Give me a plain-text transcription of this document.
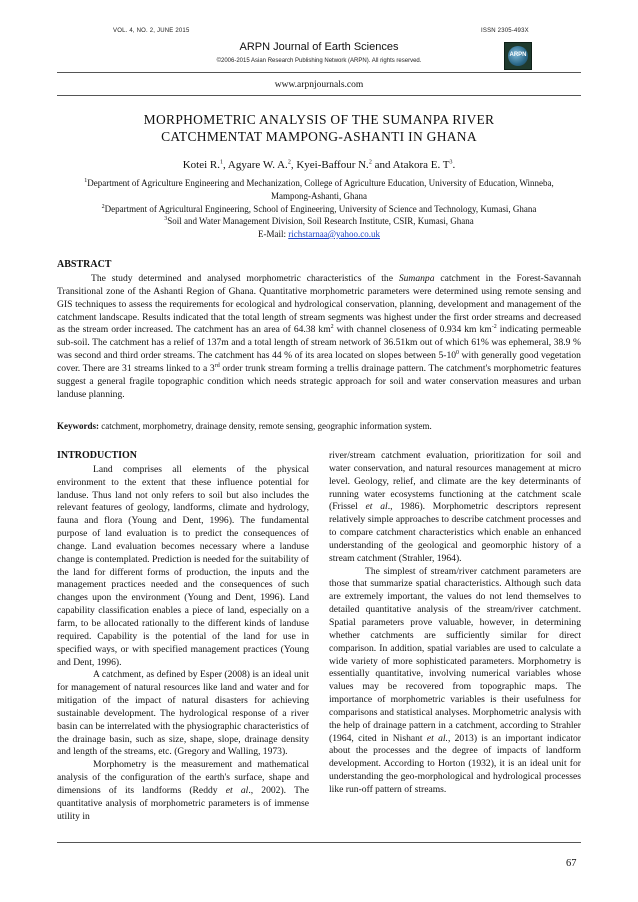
VOL. 4, NO. 2, JUNE 2015	ISSN 2305-493X
ARPN Journal of Earth Sciences
©2006-2015 Asian Research Publishing Network (ARPN). All rights reserved.
ARPN
www.arpnjournals.com
MORPHOMETRIC ANALYSIS OF THE SUMANPA RIVER
CATCHMENTAT MAMPONG-ASHANTI IN GHANA
Kotei R.$^1$, Agyare W. A.$^2$, Kyei-Baffour N.$^2$ and Atakora E. $T^3$.
$^1$Department of Agriculture Engineering and Mechanization, College of Agriculture Education, University of Education, Winneba,
Mampong-Ashanti, Ghana
$^2$Department of Agricultural Engineering, School of Engineering, University of Science and Technology, Kumasi, Ghana
$^3$Soil and Water Management Division, Soil Research Institute, CSIR, Kumasi, Ghana
E-Mail: richstarnaa@yahoo.co.uk
ABSTRACT

The study determined and analysed morphometric characteristics of the Sumanpa catchment in the Forest-Savannah Transitional zone of the Ashanti Region of Ghana. Quantitative morphometric parameters were determined using remote sensing and GIS techniques to assess the requirements for ecological and hydrological conservation, planning, development and management of the catchment landscape. Results indicated that the total length of stream segments was highest under the first order streams and decreased as the stream order increased. The catchment has an area of 64.38 $km^2$ with channel closeness of 0.934 km $km^{-2}$ indicating permeable sub-soil. The catchment has a relief of 137m and a total length of stream network of 36.51km out of which 61% was ephemeral, 38.9 % was second and third order streams. The catchment has 44 % of its area located on slopes between $5-10^0$ with generally good vegetation cover. There are 31 streams linked to a 3rd order trunk stream forming a trellis drainage pattern. The catchment's morphometric features suggest a general fragile topographic condition which needs strategic approach for soil and water conservation measures and urban landuse planning.

Keywords: catchment, morphometry, drainage density, remote sensing, geographic information system.
INTRODUCTION

Land comprises all elements of the physical environment to the extent that these influence potential for landuse. Thus land not only refers to soil but also includes the relevant features of geology, landforms, climate and hydrology, fauna and flora (Young and Dent, 1996). The fundamental purpose of land evaluation is to predict the consequences of change. Land evaluation becomes necessary where a landuse change is contemplated. Prediction is needed for the suitability of the land for different forms of production, the inputs and the management practices needed and the consequences of such changes upon the environment (Young and Dent, 1996). Land capability classification enables a piece of land, especially on a farm, to be allocated rationally to the different kinds of landuse required. Capability is the potential of the land for use in specified ways, or with specified management practices (Young and Dent, 1996).

A catchment, as defined by Esper (2008) is an ideal unit for management of natural resources like land and water and for mitigation of the impact of natural disasters for achieving sustainable development. The hydrological response of a river basin can be interrelated with the physiographic characteristics of the drainage basin, such as size, shape, slope, drainage density and length of the streams, etc. (Gregory and Walling, 1973).

Morphometry is the measurement and mathematical analysis of the configuration of the earth's surface, shape and dimensions of its landforms (Reddy et al., 2002). The quantitative analysis of morphometric parameters is of immense utility in

river/stream catchment evaluation, prioritization for soil and water conservation, and natural resources management at micro level. Geology, relief, and climate are the key determinants of running water ecosystems functioning at the catchment scale (Frissel et al., 1986). Morphometric descriptors represent relatively simple approaches to describe catchment processes and to compare catchment characteristics which enable an enhanced understanding of the geological and geomorphic history of a stream catchment (Strahler, 1964).

The simplest of stream/river catchment parameters are those that summarize spatial characteristics. Although such data are extremely important, the values do not lend themselves to detailed quantitative analysis of the stream/river catchment. Spatial parameters prove valuable, however, in determining whether catchments are sufficiently similar for direct comparison. In addition, spatial variables are used to calculate a wide variety of more sophisticated parameters. Morphometry is essentially quantitative, involving numerical variables whose values may be recovered from topographic maps. The importance of morphometric variables is their usefulness for comparisons and statistical analyses. Morphometric analysis with the help of drainage pattern in a catchment, according to Strahler (1964, cited in Nishant et al., 2013) is an important indicator about the processes and the degree of impacts of landform development. According to Horton (1932), it is an ideal unit for understanding the geo-morphological and hydrological processes like run-off pattern of streams.

67
